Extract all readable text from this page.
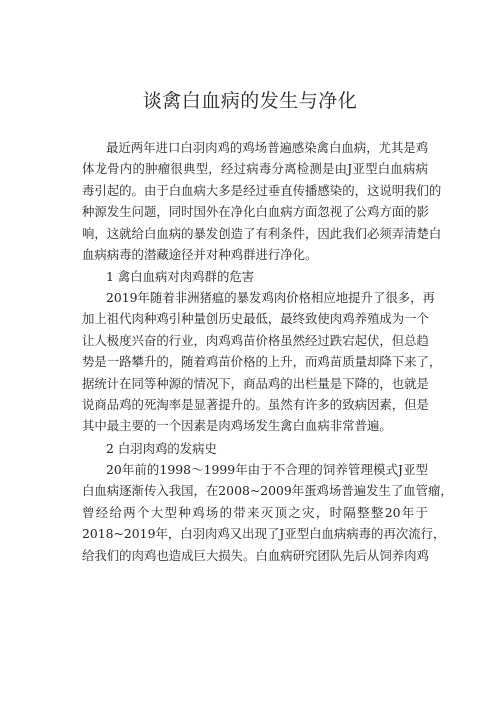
谈禽白血病的发生与净化
最近两年进口白羽肉鸡的鸡场普遍感染禽白血病，尤其是鸡
体龙骨内的肿瘤很典型，经过病毒分离检测是由J亚型白血病病
毒引起的。由于白血病大多是经过垂直传播感染的，这说明我们的
种源发生问题，同时国外在净化白血病方面忽视了公鸡方面的影
响，这就给白血病的暴发创造了有利条件，因此我们必须弄清楚白
血病病毒的潜藏途径并对种鸡群进行净化。
1 禽白血病对肉鸡群的危害
2019年随着非洲猪瘟的暴发鸡肉价格相应地提升了很多，再
加上祖代肉种鸡引种量创历史最低，最终致使肉鸡养殖成为一个
让人极度兴奋的行业，肉鸡鸡苗价格虽然经过跌宕起伏，但总趋
势是一路攀升的，随着鸡苗价格的上升，而鸡苗质量却降下来了，
据统计在同等种源的情况下，商品鸡的出栏量是下降的，也就是
说商品鸡的死淘率是显著提升的。虽然有许多的致病因素，但是
其中最主要的一个因素是肉鸡场发生禽白血病非常普遍。
2 白羽肉鸡的发病史
20年前的1998～1999年由于不合理的饲养管理模式J亚型
白血病逐渐传入我国，在2008~2009年蛋鸡场普遍发生了血管瘤，
曾经给两个大型种鸡场的带来灭顶之灾，时隔整整20年于
2018~2019年，白羽肉鸡又出现了J亚型白血病病毒的再次流行，
给我们的肉鸡也造成巨大损失。白血病研究团队先后从饲养肉鸡
